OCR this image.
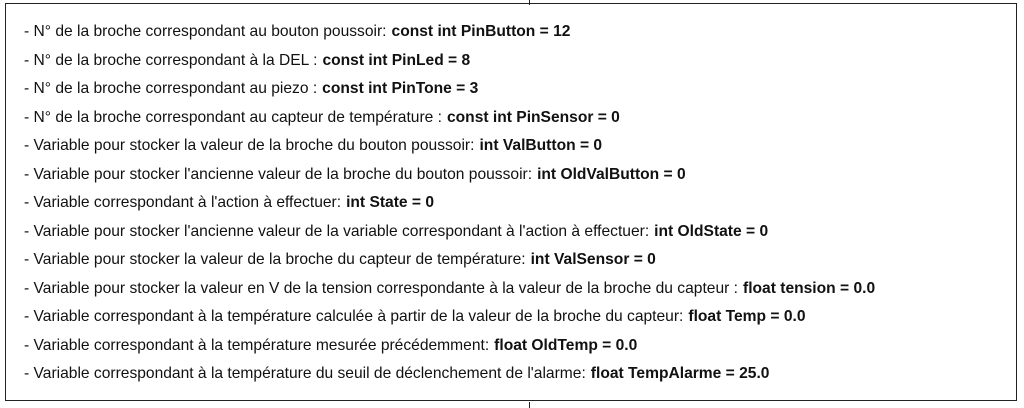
- N° de la broche correspondant au bouton poussoir: const int PinButton = 12
- N° de la broche correspondant à la DEL : const int PinLed = 8
- N° de la broche correspondant au piezo : const int PinTone = 3
- N° de la broche correspondant au capteur de température : const int PinSensor = 0
- Variable pour stocker la valeur de la broche du bouton poussoir: int ValButton = 0
- Variable pour stocker l'ancienne valeur de la broche du bouton poussoir: int OldValButton = 0
- Variable correspondant à l'action à effectuer: int State = 0
- Variable pour stocker l'ancienne valeur de la variable correspondant à l'action à effectuer: int OldState = 0
- Variable pour stocker la valeur de la broche du capteur de température: int ValSensor = 0
- Variable pour stocker la valeur en V de la tension correspondante à la valeur de la broche du capteur : float tension = 0.0
- Variable correspondant à la température calculée à partir de la valeur de la broche du capteur: float Temp = 0.0
- Variable correspondant à la température mesurée précédemment: float OldTemp = 0.0
- Variable correspondant à la température du seuil de déclenchement de l'alarme: float TempAlarme = 25.0
